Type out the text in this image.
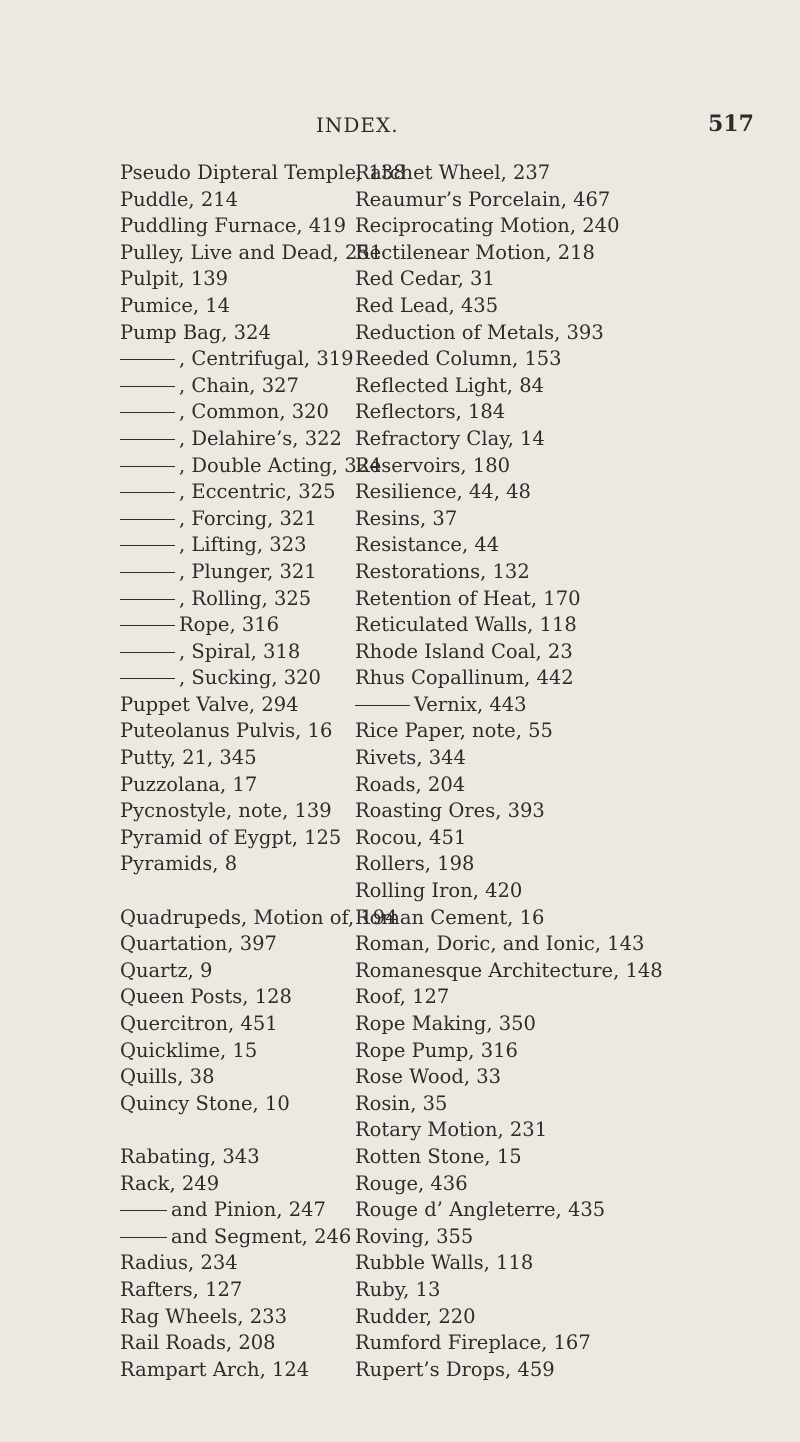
INDEX.	517
Pseudo Dipteral Temple, 138
Puddle, 214
Puddling Furnace, 419
Pulley, Live and Dead, 251
Pulpit, 139
Pumice, 14
Pump Bag, 324
, Centrifugal, 319
, Chain, 327
, Common, 320
, Delahire’s, 322
, Double Acting, 324
, Eccentric, 325
, Forcing, 321
, Lifting, 323
, Plunger, 321
, Rolling, 325
Rope, 316
, Spiral, 318
, Sucking, 320
Puppet Valve, 294
Puteolanus Pulvis, 16
Putty, 21, 345
Puzzolana, 17
Pycnostyle, note, 139
Pyramid of Eygpt, 125
Pyramids, 8
Quadrupeds, Motion of, 194
Quartation, 397
Quartz, 9
Queen Posts, 128
Quercitron, 451
Quicklime, 15
Quills, 38
Quincy Stone, 10
Rabating, 343
Rack, 249
and Pinion, 247
and Segment, 246
Radius, 234
Rafters, 127
Rag Wheels, 233
Rail Roads, 208
Rampart Arch, 124
Ratchet Wheel, 237
Reaumur’s Porcelain, 467
Reciprocating Motion, 240
Rectilenear Motion, 218
Red Cedar, 31
Red Lead, 435
Reduction of Metals, 393
Reeded Column, 153
Reflected Light, 84
Reflectors, 184
Refractory Clay, 14
Reservoirs, 180
Resilience, 44, 48
Resins, 37
Resistance, 44
Restorations, 132
Retention of Heat, 170
Reticulated Walls, 118
Rhode Island Coal, 23
Rhus Copallinum, 442
Vernix, 443
Rice Paper, note, 55
Rivets, 344
Roads, 204
Roasting Ores, 393
Rocou, 451
Rollers, 198
Rolling Iron, 420
Roman Cement, 16
Roman, Doric, and Ionic, 143
Romanesque Architecture, 148
Roof, 127
Rope Making, 350
Rope Pump, 316
Rose Wood, 33
Rosin, 35
Rotary Motion, 231
Rotten Stone, 15
Rouge, 436
Rouge d’ Angleterre, 435
Roving, 355
Rubble Walls, 118
Ruby, 13
Rudder, 220
Rumford Fireplace, 167
Rupert’s Drops, 459
